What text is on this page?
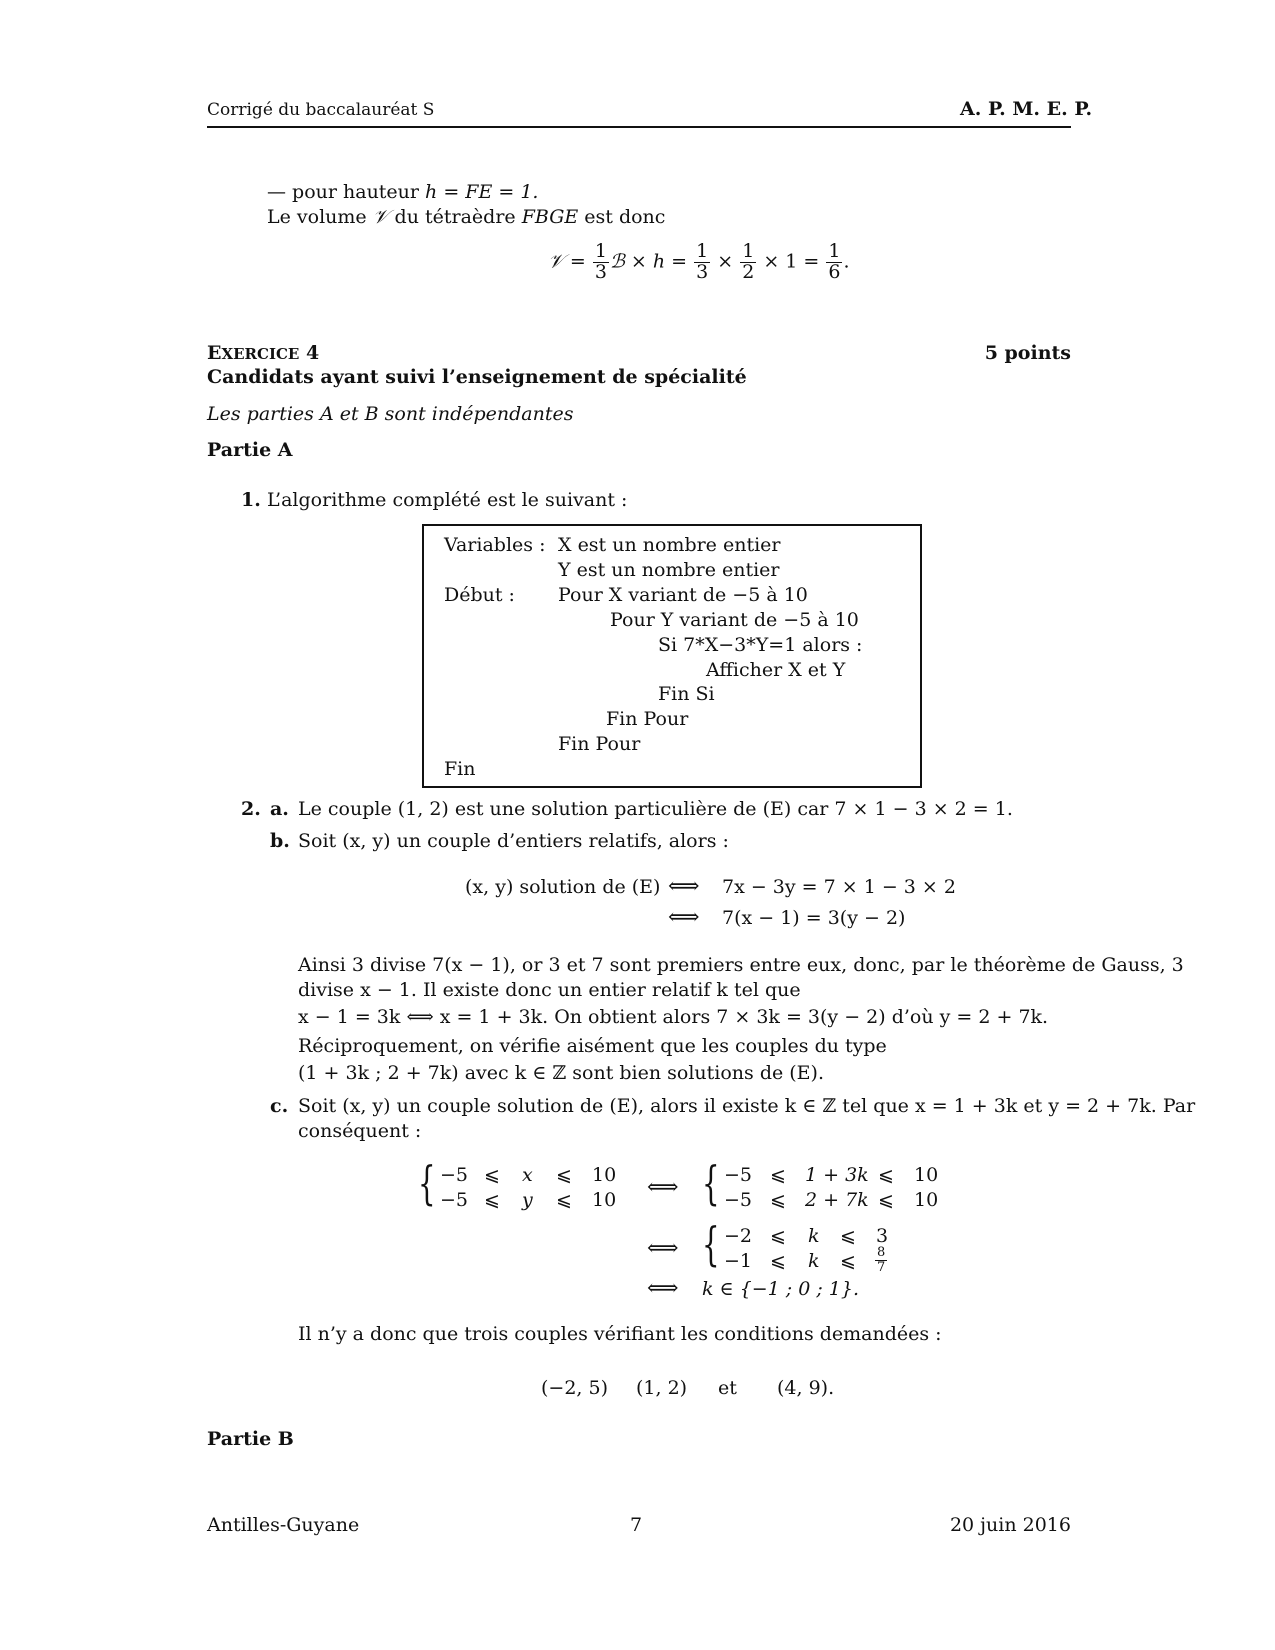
Corrigé du baccalauréat S	A. P. M. E. P.
— pour hauteur h = FE = 1.
Le volume 𝒱 du tétraèdre FBGE est donc
𝒱 = $\frac{1}{3}$ ℬ × $h = \frac{1}{3} \times \frac{1}{2} \times 1 = \frac{1}{6}$ .
EXERCICE 4	5 points
Candidats ayant suivi l’enseignement de spécialité
Les parties A et B sont indépendantes
Partie A
1. L’algorithme complété est le suivant :
Variables : X est un nombre entier
Y est un nombre entier
Début : Pour X variant de −5 à 10
Pour Y variant de −5 à 10
Si 7*X−3*Y=1 alors :
Afficher X et Y
Fin Si
Fin Pour
Fin Pour
Fin
2. a. Le couple (1, 2) est une solution particulière de (E) car 7 × 1 − 3 × 2 = 1.
b. Soit (x, y) un couple d’entiers relatifs, alors :
(x, y) solution de (E) ⟺ 7x − 3y = 7 × 1 − 3 × 2
⟺ 7(x − 1) = 3(y − 2)
Ainsi 3 divise 7(x − 1), or 3 et 7 sont premiers entre eux, donc, par le théorème de Gauss, 3
divise x − 1. Il existe donc un entier relatif k tel que
x − 1 = 3k ⟺ x = 1 + 3k. On obtient alors 7 × 3k = 3(y − 2) d’où y = 2 + 7k.
Réciproquement, on vérifie aisément que les couples du type
(1 + 3k ; 2 + 7k) avec k ∈ ℤ sont bien solutions de (E).
c. Soit (x, y) un couple solution de (E), alors il existe k ∈ ℤ tel que x = 1 + 3k et y = 2 + 7k. Par
conséquent :
{ −5 ⩽ x ⩽ 10
−5 ⩽ y ⩽ 10 ⟺ { −5 ⩽ 1 + 3k ⩽ 10
−5 ⩽ 2 + 7k ⩽ 10
⟺ { −2 ⩽ k ⩽ 3
−1 ⩽ k ⩽ $\frac{8}{7}$
⟺ k ∈ {−1 ; 0 ; 1}.
Il n’y a donc que trois couples vérifiant les conditions demandées :
(−2, 5) (1, 2) et (4, 9).
Partie B
Antilles-Guyane	7	20 juin 2016
